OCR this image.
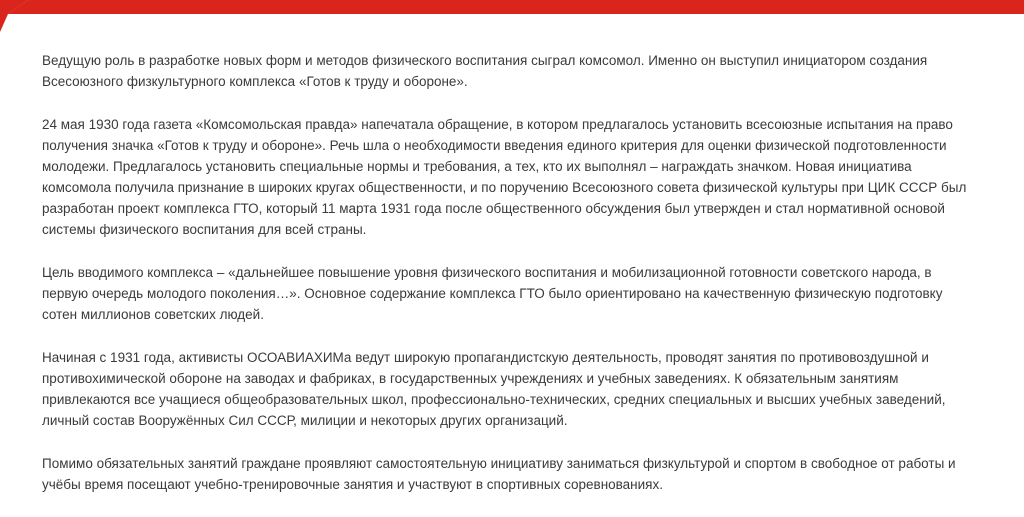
Ведущую роль в разработке новых форм и методов физического воспитания сыграл комсомол. Именно он выступил инициатором создания Всесоюзного физкультурного комплекса «Готов к труду и обороне».

24 мая 1930 года газета «Комсомольская правда» напечатала обращение, в котором предлагалось установить всесоюзные испытания на право получения значка «Готов к труду и обороне». Речь шла о необходимости введения единого критерия для оценки физической подготовленности молодежи. Предлагалось установить специальные нормы и требования, а тех, кто их выполнял – награждать значком. Новая инициатива комсомола получила признание в широких кругах общественности, и по поручению Всесоюзного совета физической культуры при ЦИК СССР был разработан проект комплекса ГТО, который 11 марта 1931 года после общественного обсуждения был утвержден и стал нормативной основой системы физического воспитания для всей страны.

Цель вводимого комплекса – «дальнейшее повышение уровня физического воспитания и мобилизационной готовности советского народа, в первую очередь молодого поколения…». Основное содержание комплекса ГТО было ориентировано на качественную физическую подготовку сотен миллионов советских людей.

Начиная с 1931 года, активисты ОСОАВИАХИМа ведут широкую пропагандистскую деятельность, проводят занятия по противовоздушной и противохимической обороне на заводах и фабриках, в государственных учреждениях и учебных заведениях. К обязательным занятиям привлекаются все учащиеся общеобразовательных школ, профессионально-технических, средних специальных и высших учебных заведений, личный состав Вооружённых Сил СССР, милиции и некоторых других организаций.

Помимо обязательных занятий граждане проявляют самостоятельную инициативу заниматься физкультурой и спортом в свободное от работы и учёбы время посещают учебно-тренировочные занятия и участвуют в спортивных соревнованиях.
